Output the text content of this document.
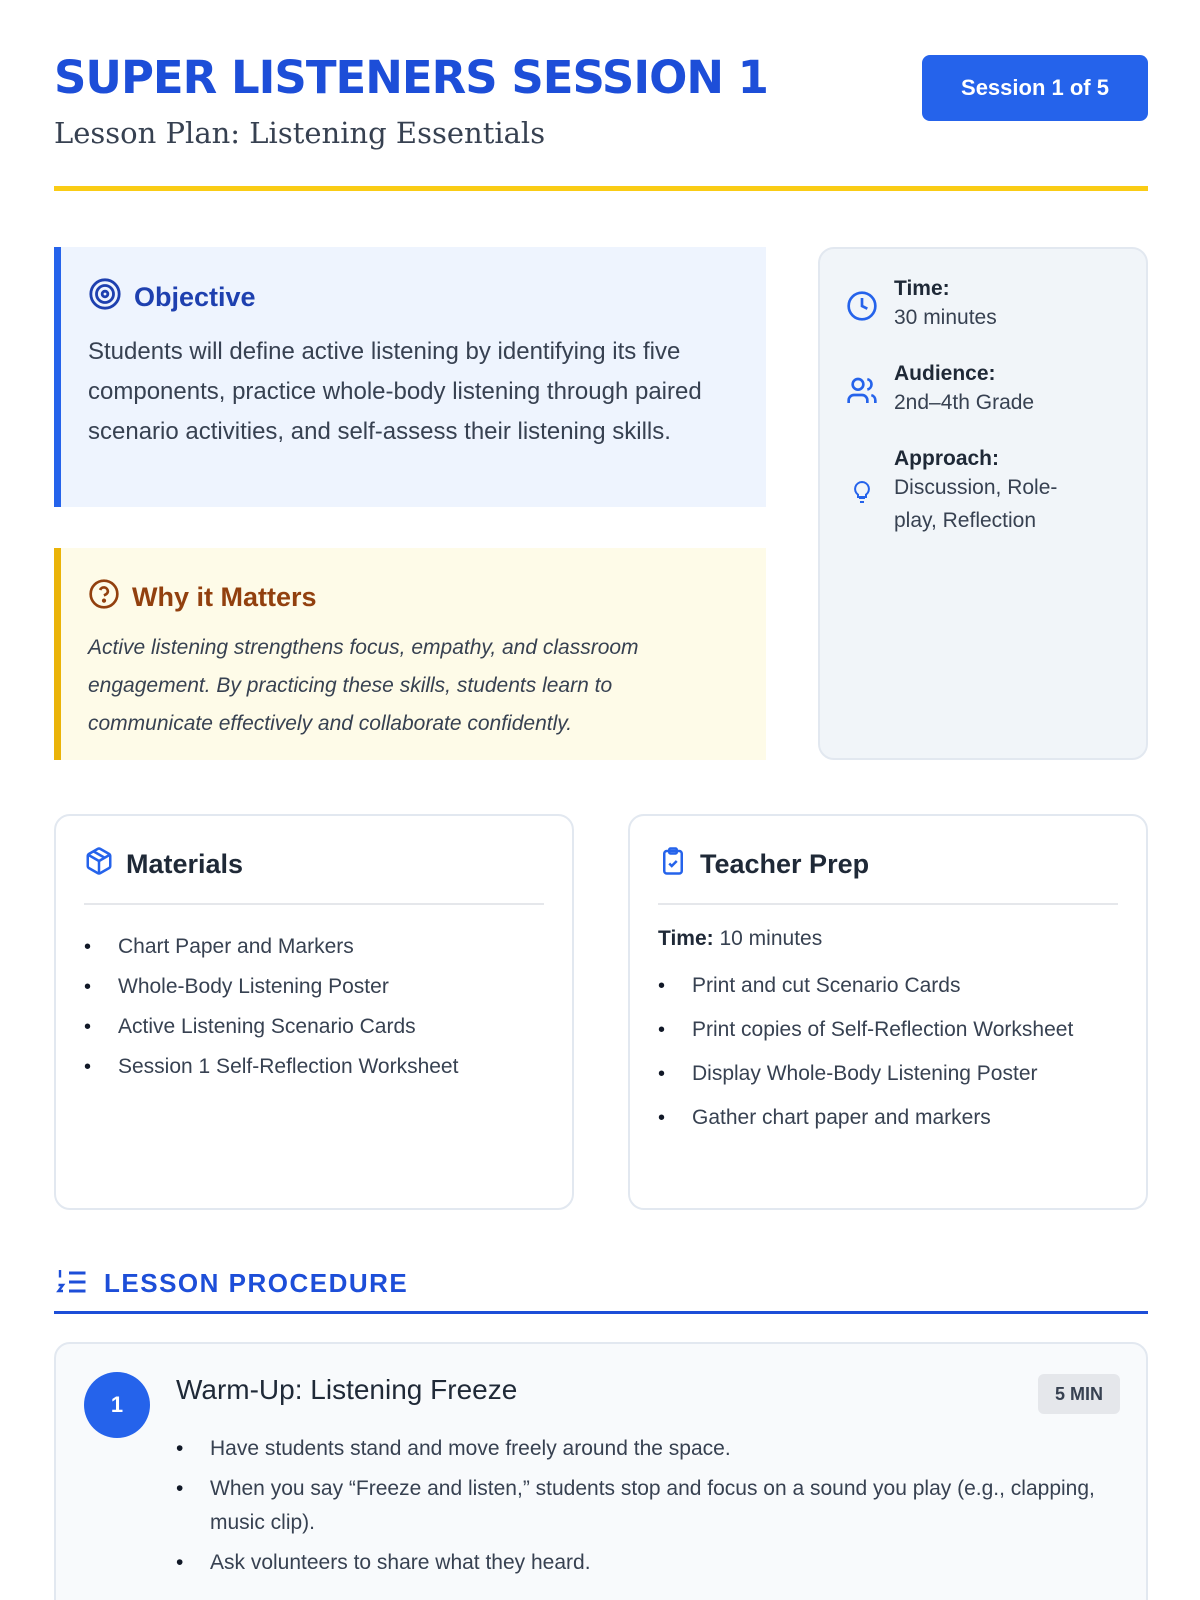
SUPER LISTENERS SESSION 1
Lesson Plan: Listening Essentials
Session 1 of 5
Objective

Students will define active listening by identifying its five components, practice whole-body listening through paired scenario activities, and self-assess their listening skills.

Why it Matters

Active listening strengthens focus, empathy, and classroom engagement. By practicing these skills, students learn to communicate effectively and collaborate confidently.

Time:
30 minutes
Audience:
2nd–4th Grade
Approach:
Discussion, Role-play, Reflection
Materials
• Chart Paper and Markers
• Whole-Body Listening Poster
• Active Listening Scenario Cards
• Session 1 Self-Reflection Worksheet
Teacher Prep
Time: 10 minutes
• Print and cut Scenario Cards
• Print copies of Self-Reflection Worksheet
• Display Whole-Body Listening Poster
• Gather chart paper and markers
LESSON PROCEDURE
1	Warm-Up: Listening Freeze	5 MIN
• Have students stand and move freely around the space.
• When you say “Freeze and listen,” students stop and focus on a sound you play (e.g., clapping, music clip).
• Ask volunteers to share what they heard.
